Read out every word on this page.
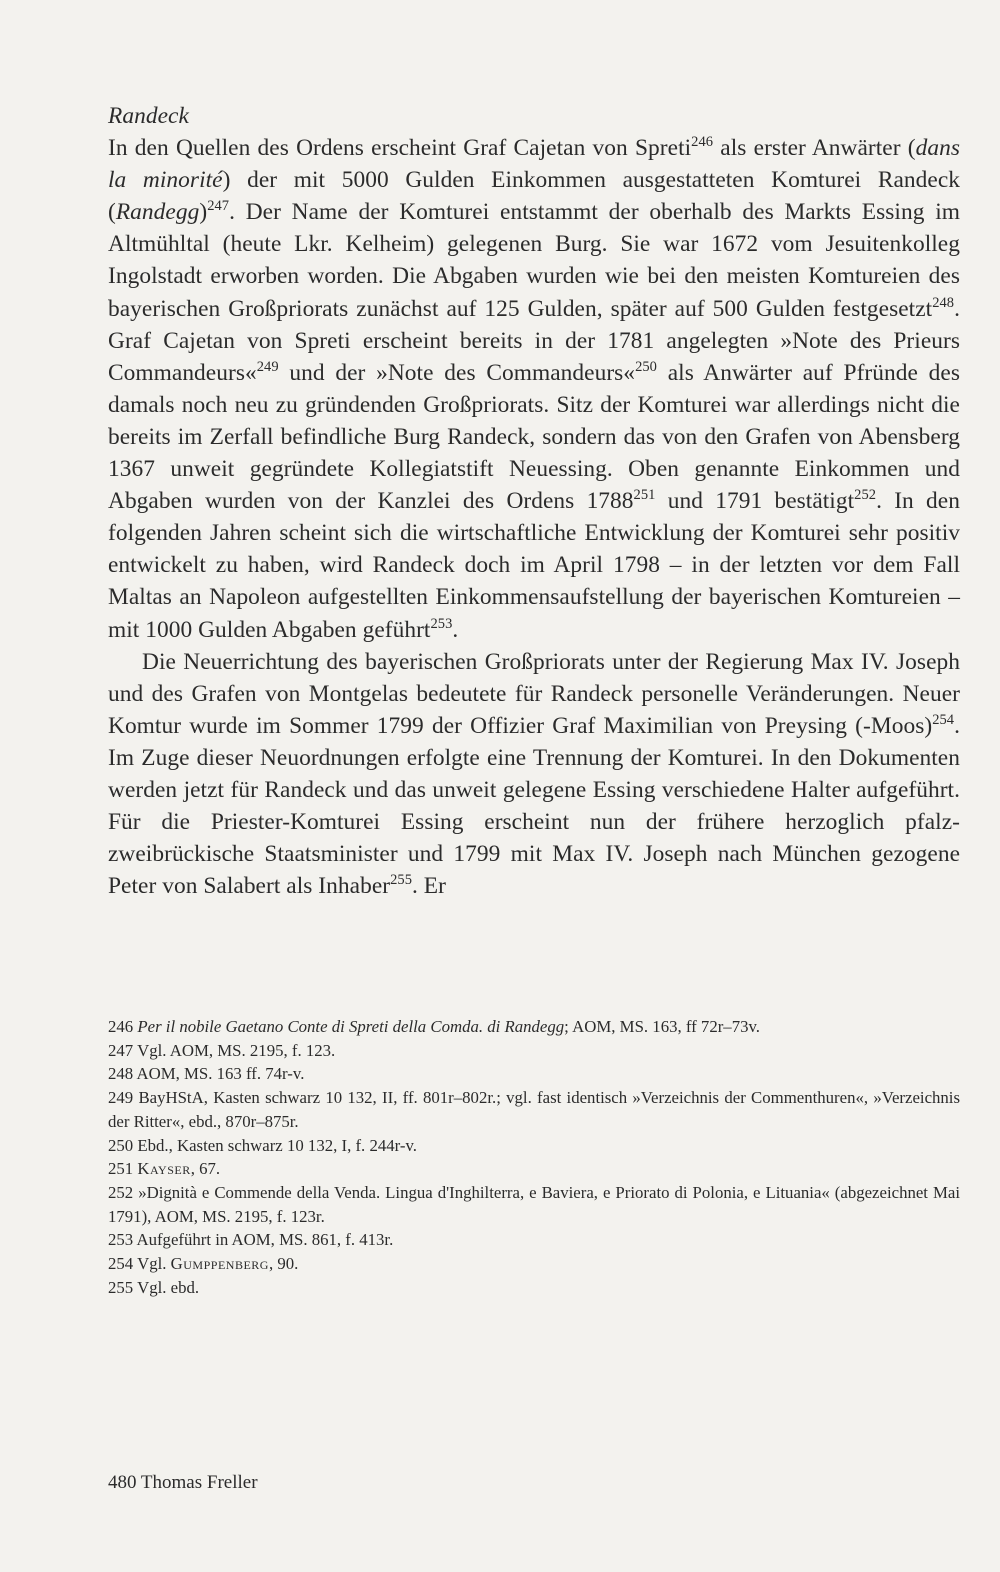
Randeck

In den Quellen des Ordens erscheint Graf Cajetan von Spreti$^{246}$ als erster Anwärter (dans la minorité) der mit 5000 Gulden Einkommen ausgestatteten Komturei Randeck (Randegg)$^{247}$. Der Name der Komturei entstammt der oberhalb des Markts Essing im Altmühltal (heute Lkr. Kelheim) gelegenen Burg. Sie war 1672 vom Jesuitenkolleg Ingolstadt erworben worden. Die Abgaben wurden wie bei den meisten Komtureien des bayerischen Großpriorats zunächst auf 125 Gulden, später auf 500 Gulden festgesetzt$^{248}$. Graf Cajetan von Spreti erscheint bereits in der 1781 angelegten »Note des Prieurs Commandeurs«$^{249}$ und der »Note des Commandeurs«$^{250}$ als Anwärter auf Pfründe des damals noch neu zu gründenden Großpriorats. Sitz der Komturei war allerdings nicht die bereits im Zerfall befindliche Burg Randeck, sondern das von den Grafen von Abensberg 1367 unweit gegründete Kollegiatstift Neuessing. Oben genannte Einkommen und Abgaben wurden von der Kanzlei des Ordens 1788$^{251}$ und 1791 bestätigt$^{252}$. In den folgenden Jahren scheint sich die wirtschaftliche Entwicklung der Komturei sehr positiv entwickelt zu haben, wird Randeck doch im April 1798 – in der letzten vor dem Fall Maltas an Napoleon aufgestellten Einkommensaufstellung der bayerischen Komtureien – mit 1000 Gulden Abgaben geführt$^{253}$.

Die Neuerrichtung des bayerischen Großpriorats unter der Regierung Max IV. Joseph und des Grafen von Montgelas bedeutete für Randeck personelle Veränderungen. Neuer Komtur wurde im Sommer 1799 der Offizier Graf Maximilian von Preysing (-Moos)$^{254}$. Im Zuge dieser Neuordnungen erfolgte eine Trennung der Komturei. In den Dokumenten werden jetzt für Randeck und das unweit gelegene Essing verschiedene Halter aufgeführt. Für die Priester-Komturei Essing erscheint nun der frühere herzoglich pfalz-zweibrückische Staatsminister und 1799 mit Max IV. Joseph nach München gezogene Peter von Salabert als Inhaber$^{255}$. Er

246 Per il nobile Gaetano Conte di Spreti della Comda. di Randegg; AOM, MS. 163, ff 72r–73v.

247 Vgl. AOM, MS. 2195, f. 123.

248 AOM, MS. 163 ff. 74r-v.

249 BayHStA, Kasten schwarz 10 132, II, ff. 801r–802r.; vgl. fast identisch »Verzeichnis der Commenthuren«, »Verzeichnis der Ritter«, ebd., 870r–875r.

250 Ebd., Kasten schwarz 10 132, I, f. 244r-v.

251 Kayser, 67.

252 »Dignità e Commende della Venda. Lingua d'Inghilterra, e Baviera, e Priorato di Polonia, e Lituania« (abgezeichnet Mai 1791), AOM, MS. 2195, f. 123r.

253 Aufgeführt in AOM, MS. 861, f. 413r.

254 Vgl. Gumppenberg, 90.

255 Vgl. ebd.

480 Thomas Freller
